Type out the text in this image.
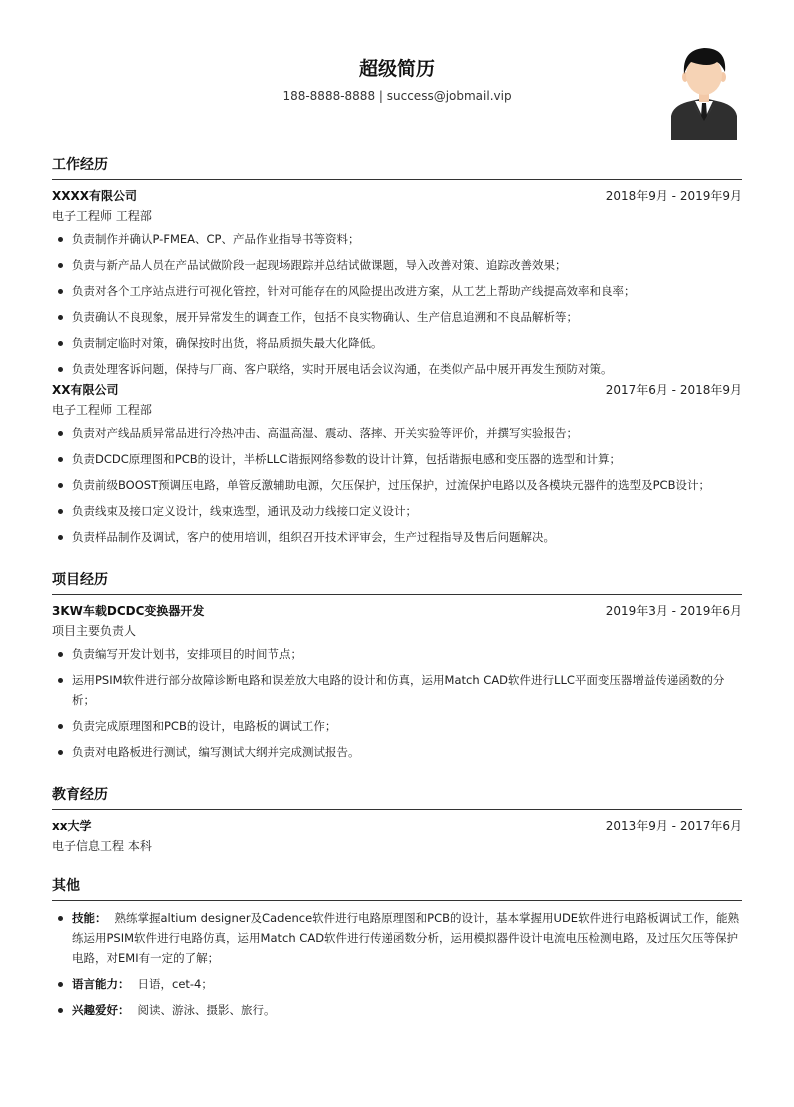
超级简历
188-8888-8888 | success@jobmail.vip
工作经历
XXXX有限公司	2018年9月 - 2019年9月
电子工程师 工程部
负责制作并确认P-FMEA、CP、产品作业指导书等资料；
负责与新产品人员在产品试做阶段一起现场跟踪并总结试做课题，导入改善对策、追踪改善效果；
负责对各个工序站点进行可视化管控，针对可能存在的风险提出改进方案，从工艺上帮助产线提高效率和良率；
负责确认不良现象，展开异常发生的调查工作，包括不良实物确认、生产信息追溯和不良品解析等；
负责制定临时对策，确保按时出货，将品质损失最大化降低。
负责处理客诉问题，保持与厂商、客户联络，实时开展电话会议沟通，在类似产品中展开再发生预防对策。
XX有限公司	2017年6月 - 2018年9月
电子工程师 工程部
负责对产线品质异常品进行冷热冲击、高温高湿、震动、落摔、开关实验等评价，并撰写实验报告；
负责DCDC原理图和PCB的设计，半桥LLC谐振网络参数的设计计算，包括谐振电感和变压器的选型和计算；
负责前级BOOST预调压电路，单管反激辅助电源，欠压保护，过压保护，过流保护电路以及各模块元器件的选型及PCB设计；
负责线束及接口定义设计，线束选型，通讯及动力线接口定义设计；
负责样品制作及调试，客户的使用培训，组织召开技术评审会，生产过程指导及售后问题解决。
项目经历
3KW车载DCDC变换器开发	2019年3月 - 2019年6月
项目主要负责人
负责编写开发计划书，安排项目的时间节点；
运用PSIM软件进行部分故障诊断电路和误差放大电路的设计和仿真，运用Match CAD软件进行LLC平面变压器增益传递函数的分析；
负责完成原理图和PCB的设计，电路板的调试工作；
负责对电路板进行测试，编写测试大纲并完成测试报告。
教育经历
xx大学	2013年9月 - 2017年6月
电子信息工程 本科
其他
技能： 熟练掌握altium designer及Cadence软件进行电路原理图和PCB的设计，基本掌握用UDE软件进行电路板调试工作，能熟练运用PSIM软件进行电路仿真，运用Match CAD软件进行传递函数分析，运用模拟器件设计电流电压检测电路，及过压欠压等保护电路，对EMI有一定的了解；
语言能力： 日语，cet-4；
兴趣爱好： 阅读、游泳、摄影、旅行。
